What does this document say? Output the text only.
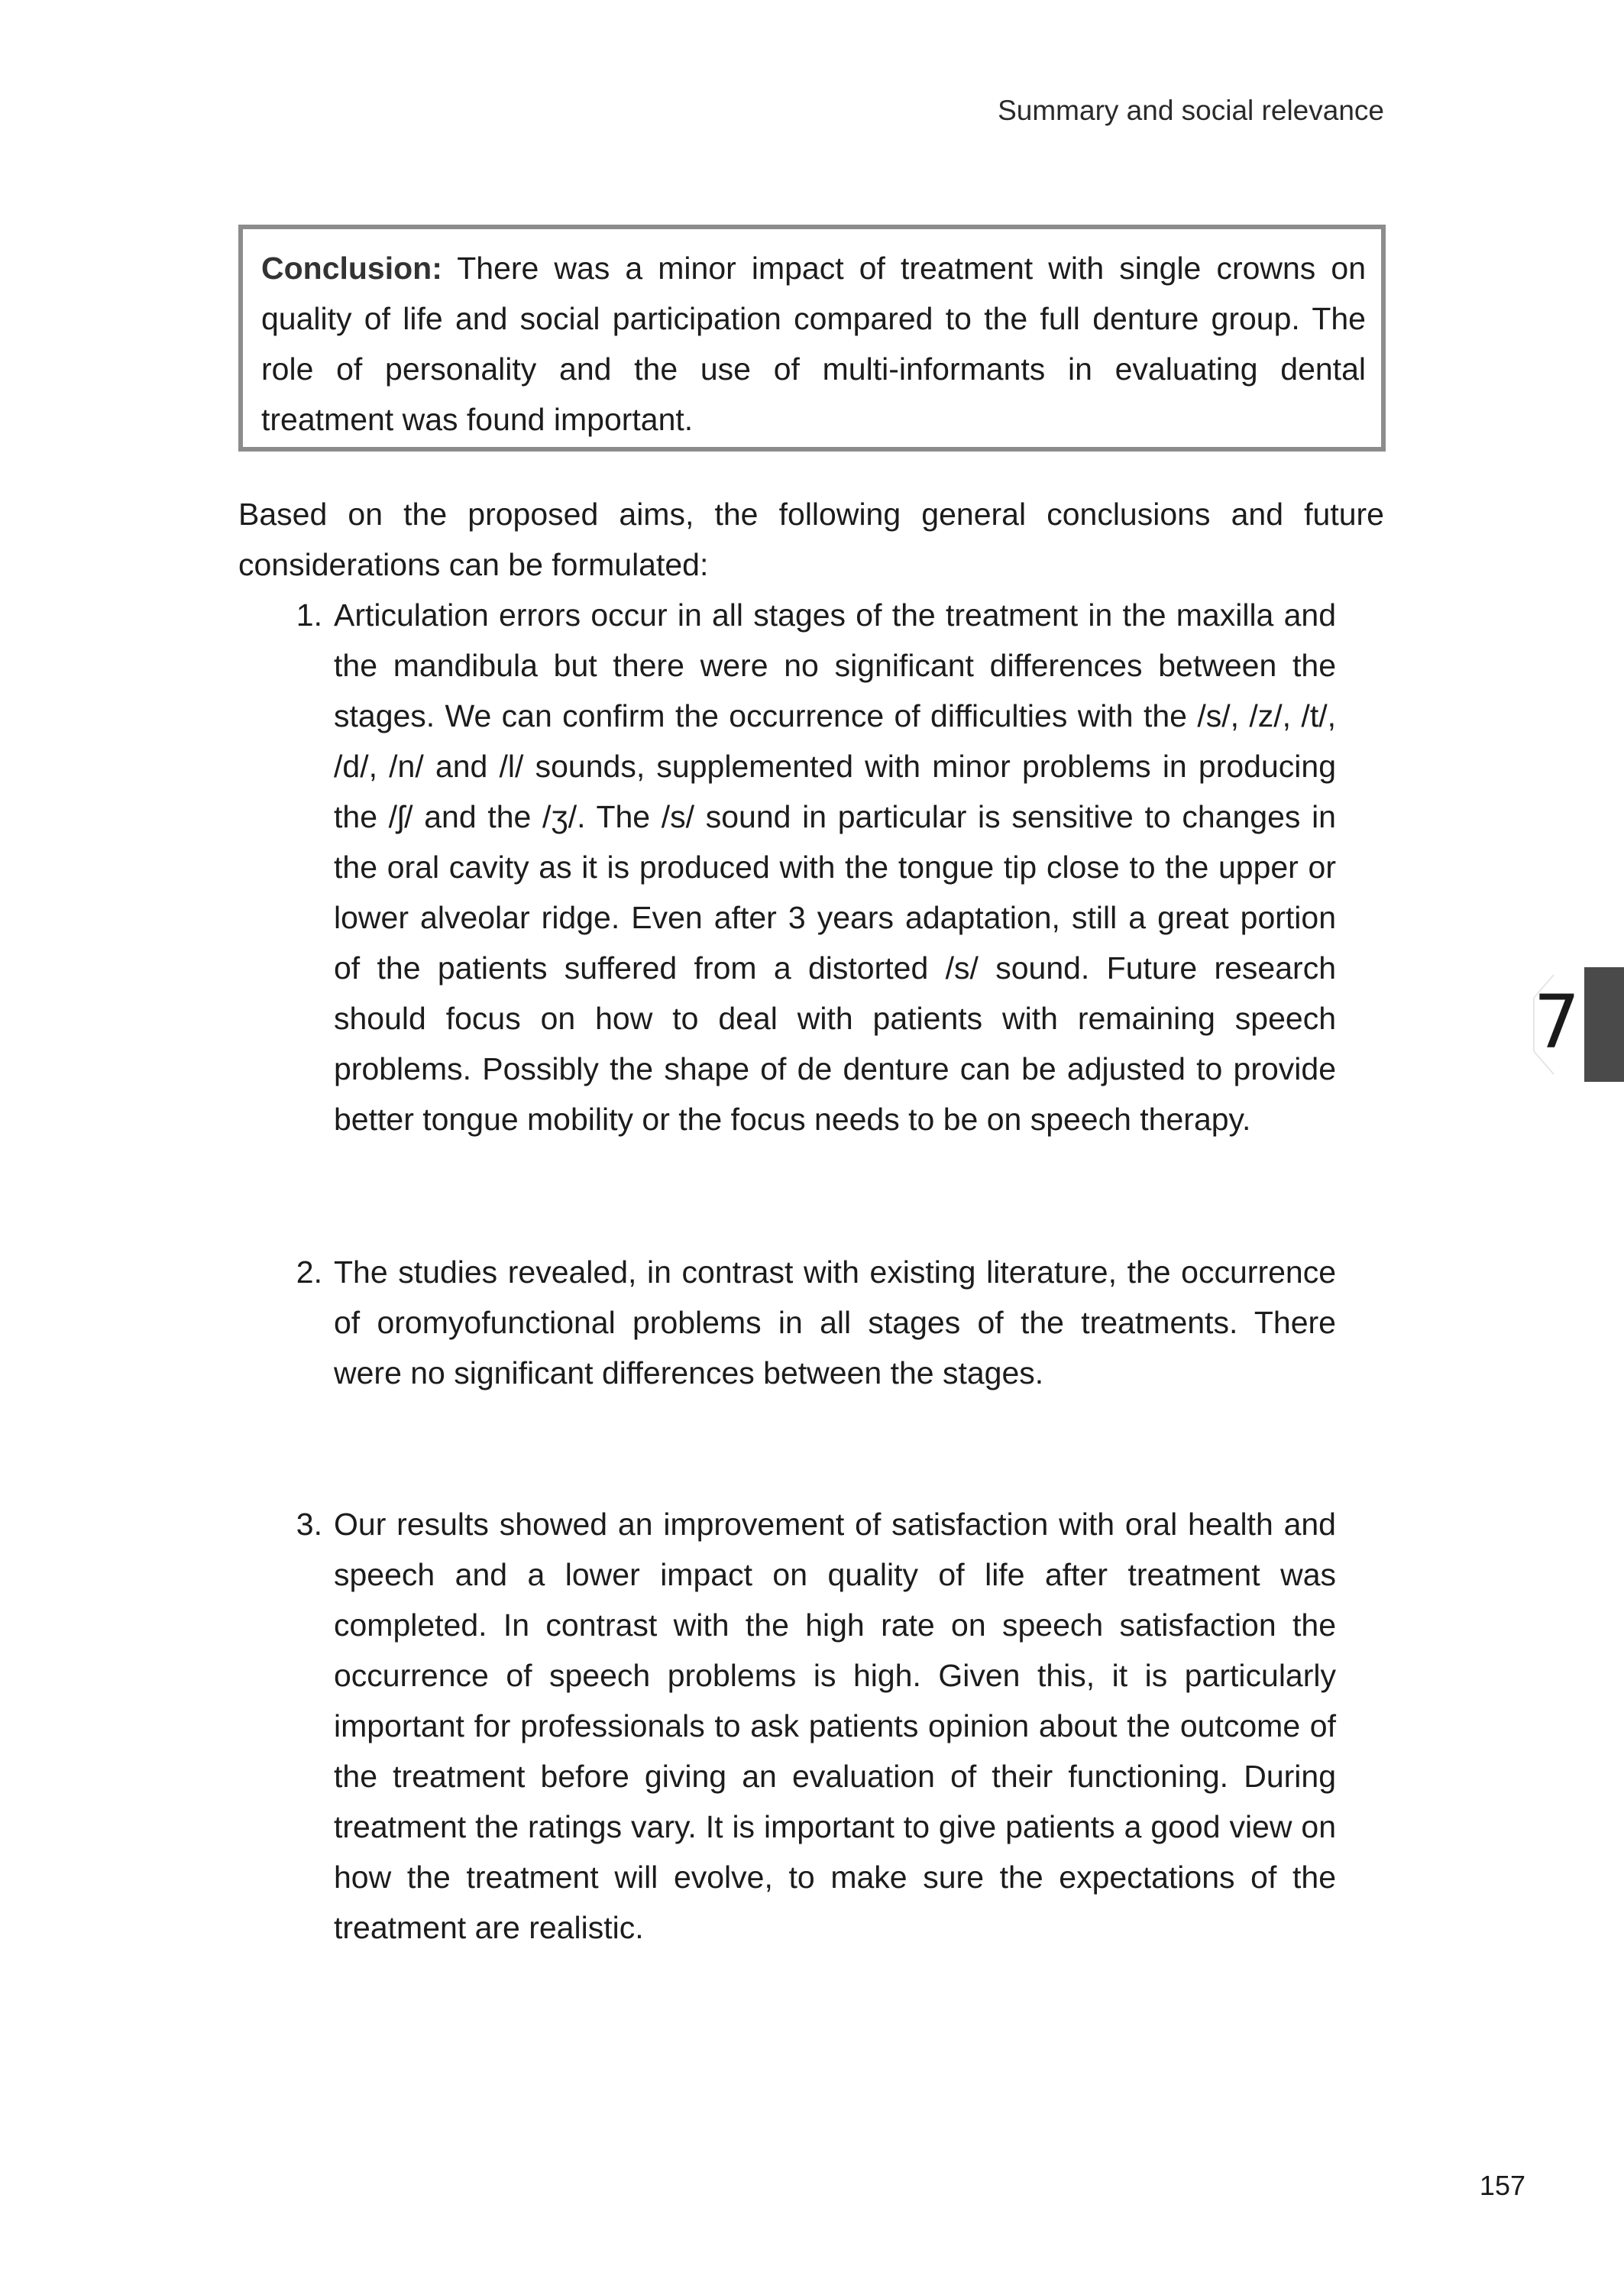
Summary and social relevance
Conclusion: There was a minor impact of treatment with single crowns on quality of life and social participation compared to the full denture group. The role of personality and the use of multi-informants in evaluating dental treatment was found important.

Based on the proposed aims, the following general conclusions and future considerations can be formulated:

1. Articulation errors occur in all stages of the treatment in the maxilla and the mandibula but there were no significant differences between the stages. We can confirm the occurrence of difficulties with the /s/, /z/, /t/, /d/, /n/ and /l/ sounds, supplemented with minor problems in producing the /ʃ/ and the /ʒ/. The /s/ sound in particular is sensitive to changes in the oral cavity as it is produced with the tongue tip close to the upper or lower alveolar ridge. Even after 3 years adaptation, still a great portion of the patients suffered from a distorted /s/ sound. Future research should focus on how to deal with patients with remaining speech problems. Possibly the shape of de denture can be adjusted to provide better tongue mobility or the focus needs to be on speech therapy.
2. The studies revealed, in contrast with existing literature, the occurrence of oromyofunctional problems in all stages of the treatments. There were no significant differences between the stages.
3. Our results showed an improvement of satisfaction with oral health and speech and a lower impact on quality of life after treatment was completed. In contrast with the high rate on speech satisfaction the occurrence of speech problems is high. Given this, it is particularly important for professionals to ask patients opinion about the outcome of the treatment before giving an evaluation of their functioning. During treatment the ratings vary. It is important to give patients a good view on how the treatment will evolve, to make sure the expectations of the treatment are realistic.
7
157
